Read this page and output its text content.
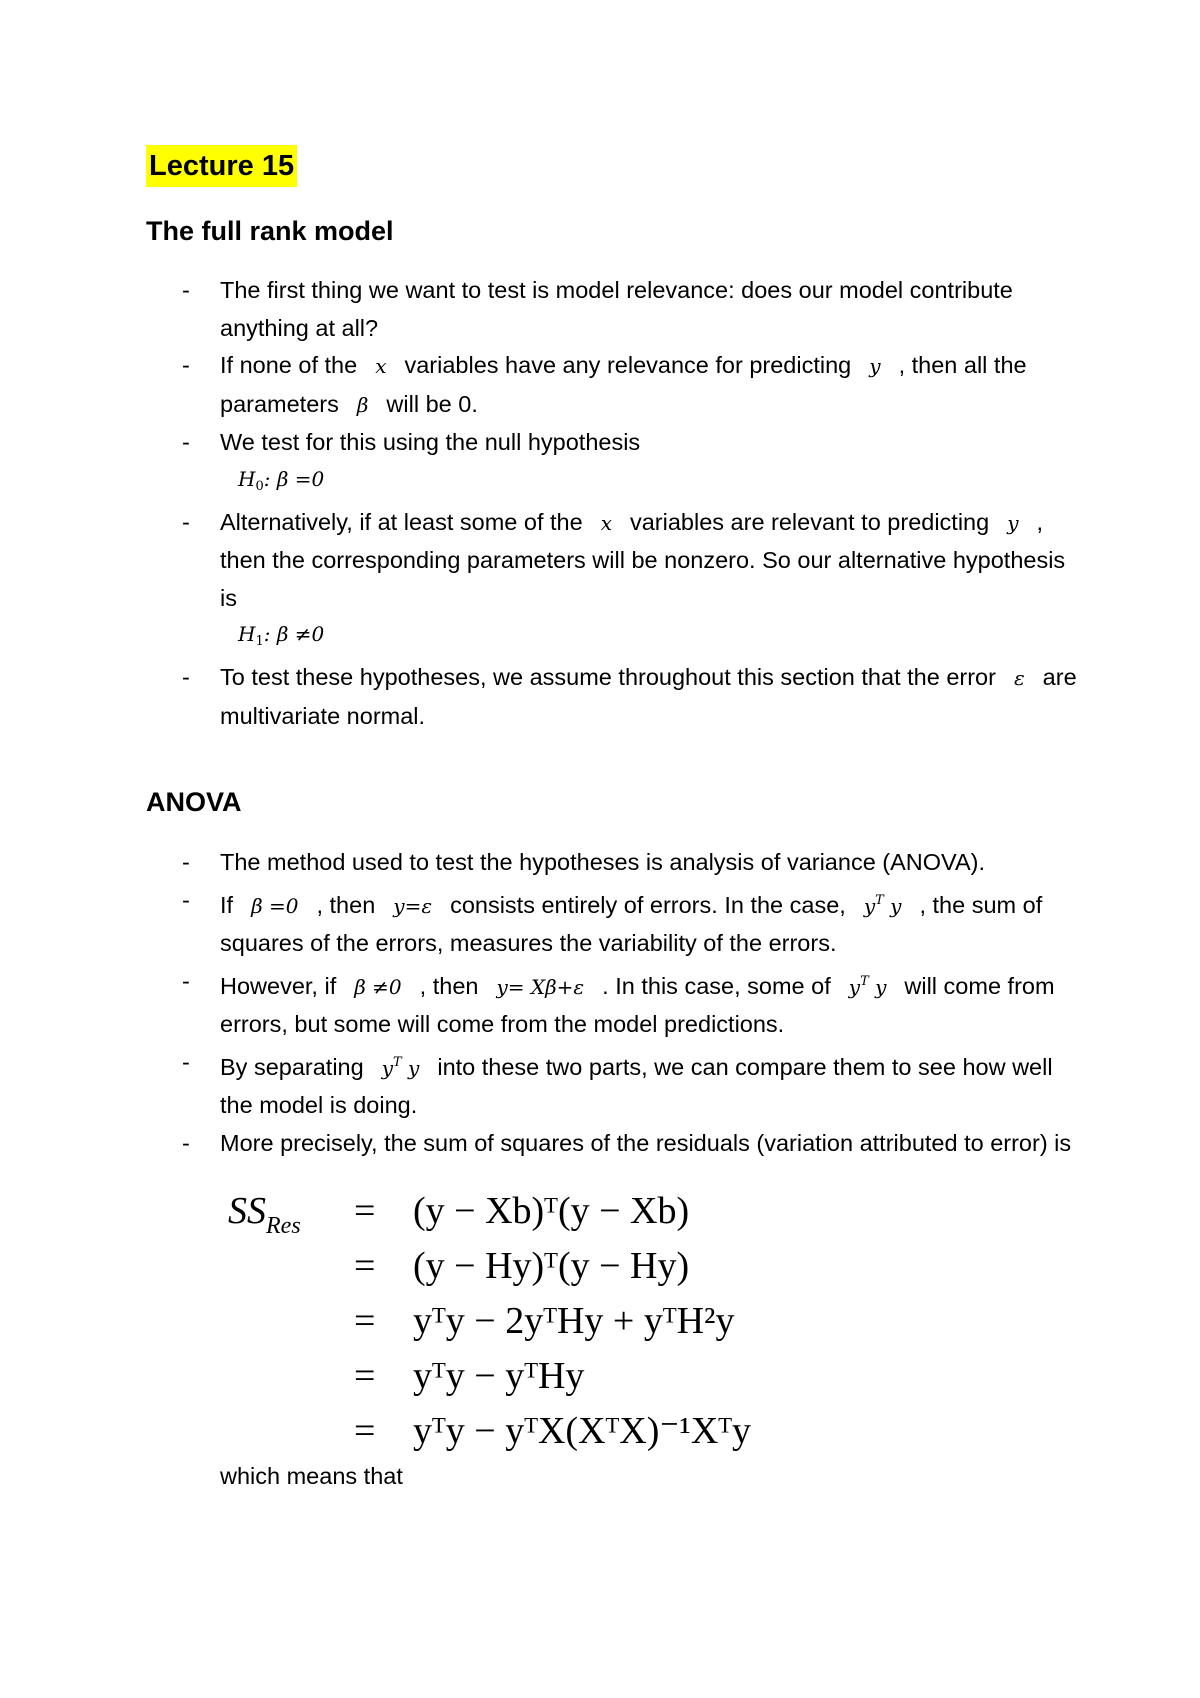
Lecture 15
The full rank model
- The first thing we want to test is model relevance: does our model contribute anything at all?
- If none of the x variables have any relevance for predicting y , then all the parameters β will be 0.
- We test for this using the null hypothesis
$H_0$: β =0
- Alternatively, if at least some of the x variables are relevant to predicting y , then the corresponding parameters will be nonzero. So our alternative hypothesis is
$H_1$: β ≠0
- To test these hypotheses, we assume throughout this section that the error ε are multivariate normal.
ANOVA
- The method used to test the hypotheses is analysis of variance (ANOVA).
- If β =0 , then y=ε consists entirely of errors. In the case, $y^T$ y , the sum of squares of the errors, measures the variability of the errors.
- However, if β ≠0 , then y= Xβ+ε . In this case, some of $y^T$ y will come from errors, but some will come from the model predictions.
- By separating $y^T$ y into these two parts, we can compare them to see how well the model is doing.
- More precisely, the sum of squares of the residuals (variation attributed to error) is
$SS_{Res}$	= (y − Xb)ᵀ(y − Xb)
= (y − Hy)ᵀ(y − Hy)
= yᵀy − 2yᵀHy + yᵀH²y
= yᵀy − yᵀHy
= yᵀy − yᵀX(XᵀX)⁻¹Xᵀy
which means that
